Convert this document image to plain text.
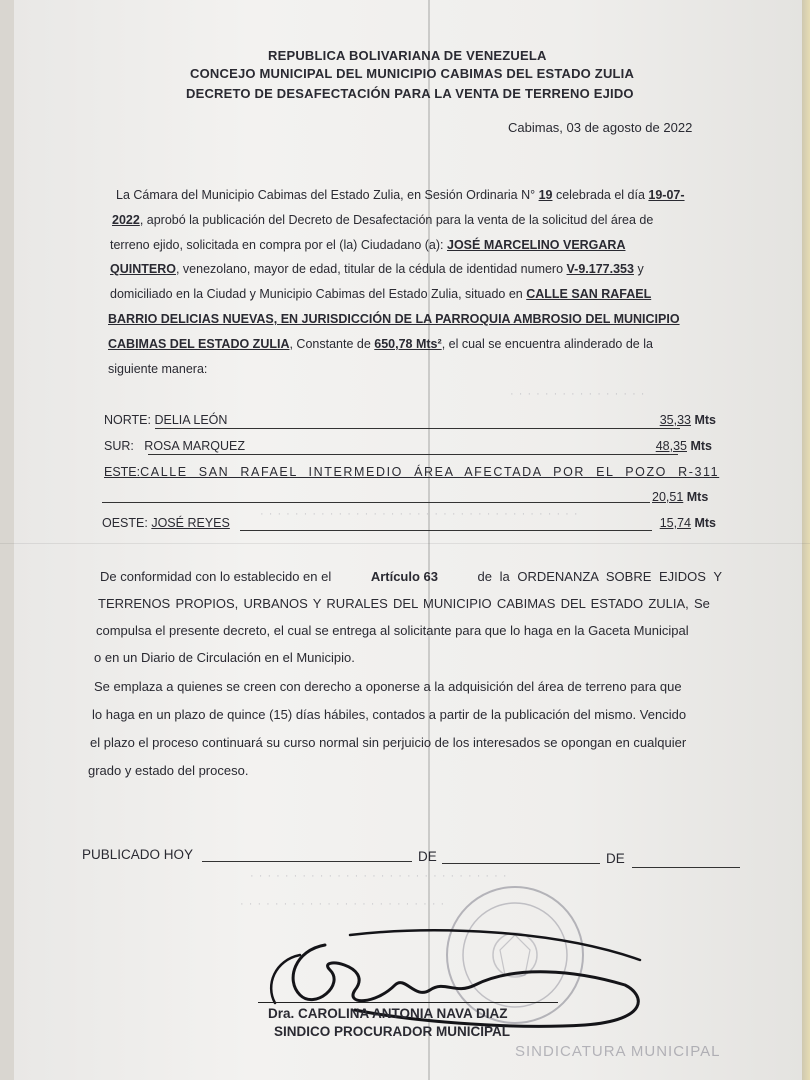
· · · · · · · · · · · · · · · ·
· · · · · · · · · · · · · · · · · · · · · · · · · · · · · · · · · · · · ·
· · · · · · · · · · · · · · · · · · · · · · · · · · · · · ·
· · · · · · · · · · · · · · · · · · · · · · · ·
REPUBLICA BOLIVARIANA DE VENEZUELA
CONCEJO MUNICIPAL DEL MUNICIPIO CABIMAS DEL ESTADO ZULIA
DECRETO DE DESAFECTACIÓN PARA LA VENTA DE TERRENO EJIDO
Cabimas, 03 de agosto de 2022
La Cámara del Municipio Cabimas del Estado Zulia, en Sesión Ordinaria N° 19 celebrada el día 19-07-
2022, aprobó la publicación del Decreto de Desafectación para la venta de la solicitud del área de
terreno ejido, solicitada en compra por el (la) Ciudadano (a): JOSÉ MARCELINO VERGARA
QUINTERO, venezolano, mayor de edad, titular de la cédula de identidad numero V-9.177.353 y
domiciliado en la Ciudad y Municipio Cabimas del Estado Zulia, situado en CALLE SAN RAFAEL
BARRIO DELICIAS NUEVAS, EN JURISDICCIÓN DE LA PARROQUIA AMBROSIO DEL MUNICIPIO
CABIMAS DEL ESTADO ZULIA, Constante de 650,78 Mts², el cual se encuentra alinderado de la
siguiente manera:
NORTE: DELIA LEÓN	35,33 Mts
SUR: ROSA MARQUEZ	48,35 Mts
ESTE: CALLE SAN RAFAEL INTERMEDIO ÁREA AFECTADA POR EL POZO R-311
20,51 Mts
OESTE: JOSÉ REYES	15,74 Mts
De conformidad con lo establecido en el	Artículo 63	de la ORDENANZA SOBRE EJIDOS Y
TERRENOS PROPIOS, URBANOS Y RURALES DEL MUNICIPIO CABIMAS DEL ESTADO ZULIA, Se
compulsa el presente decreto, el cual se entrega al solicitante para que lo haga en la Gaceta Municipal
o en un Diario de Circulación en el Municipio.
Se emplaza a quienes se creen con derecho a oponerse a la adquisición del área de terreno para que
lo haga en un plazo de quince (15) días hábiles, contados a partir de la publicación del mismo. Vencido
el plazo el proceso continuará su curso normal sin perjuicio de los interesados se opongan en cualquier
grado y estado del proceso.
PUBLICADO HOY	DE	DE
SINDICATURA MUNICIPAL
Dra. CAROLINA ANTONIA NAVA DIAZ
SINDICO PROCURADOR MUNICIPAL
